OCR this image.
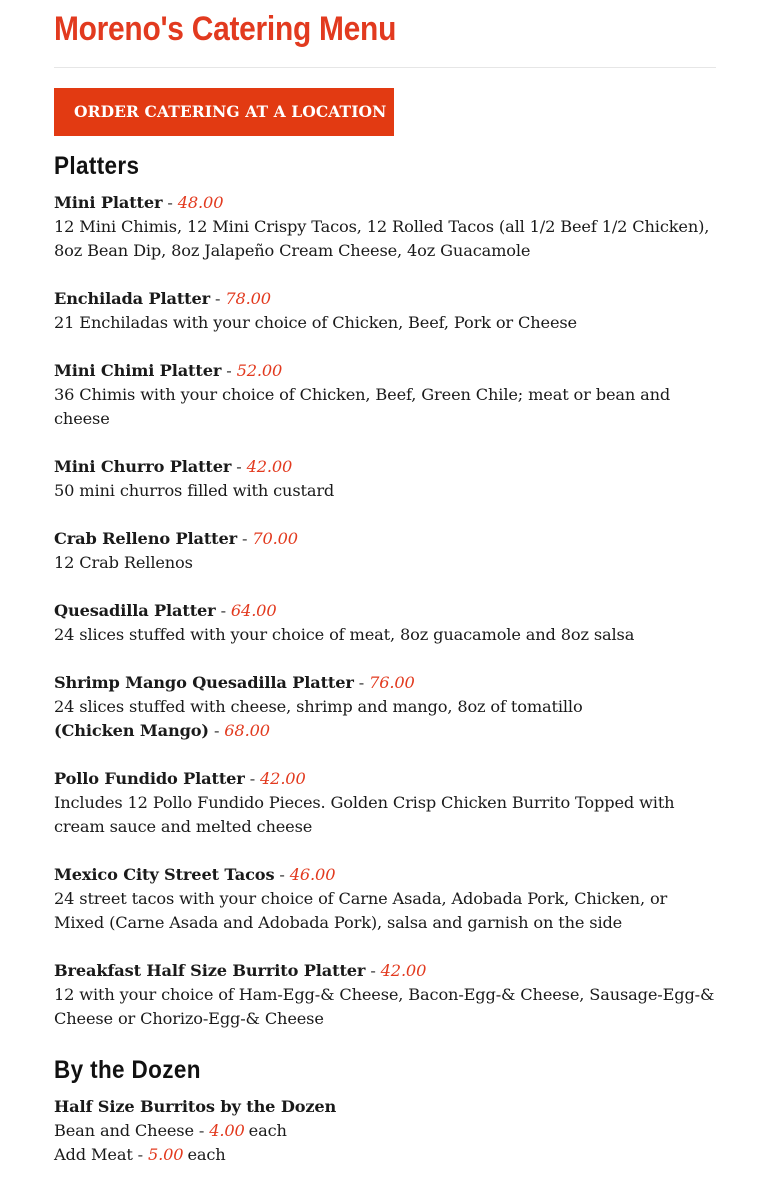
Moreno's Catering Menu
ORDER CATERING AT A LOCATION
Platters
Mini Platter - 48.00
12 Mini Chimis, 12 Mini Crispy Tacos, 12 Rolled Tacos (all 1/2 Beef 1/2 Chicken), 8oz Bean Dip, 8oz Jalapeño Cream Cheese, 4oz Guacamole
Enchilada Platter - 78.00
21 Enchiladas with your choice of Chicken, Beef, Pork or Cheese
Mini Chimi Platter - 52.00
36 Chimis with your choice of Chicken, Beef, Green Chile; meat or bean and cheese
Mini Churro Platter - 42.00
50 mini churros filled with custard
Crab Relleno Platter - 70.00
12 Crab Rellenos
Quesadilla Platter - 64.00
24 slices stuffed with your choice of meat, 8oz guacamole and 8oz salsa
Shrimp Mango Quesadilla Platter - 76.00
24 slices stuffed with cheese, shrimp and mango, 8oz of tomatillo
(Chicken Mango) - 68.00
Pollo Fundido Platter - 42.00
Includes 12 Pollo Fundido Pieces. Golden Crisp Chicken Burrito Topped with cream sauce and melted cheese
Mexico City Street Tacos - 46.00
24 street tacos with your choice of Carne Asada, Adobada Pork, Chicken, or Mixed (Carne Asada and Adobada Pork), salsa and garnish on the side
Breakfast Half Size Burrito Platter - 42.00
12 with your choice of Ham-Egg-& Cheese, Bacon-Egg-& Cheese, Sausage-Egg-& Cheese or Chorizo-Egg-& Cheese
By the Dozen
Half Size Burritos by the Dozen
Bean and Cheese - 4.00 each
Add Meat - 5.00 each
